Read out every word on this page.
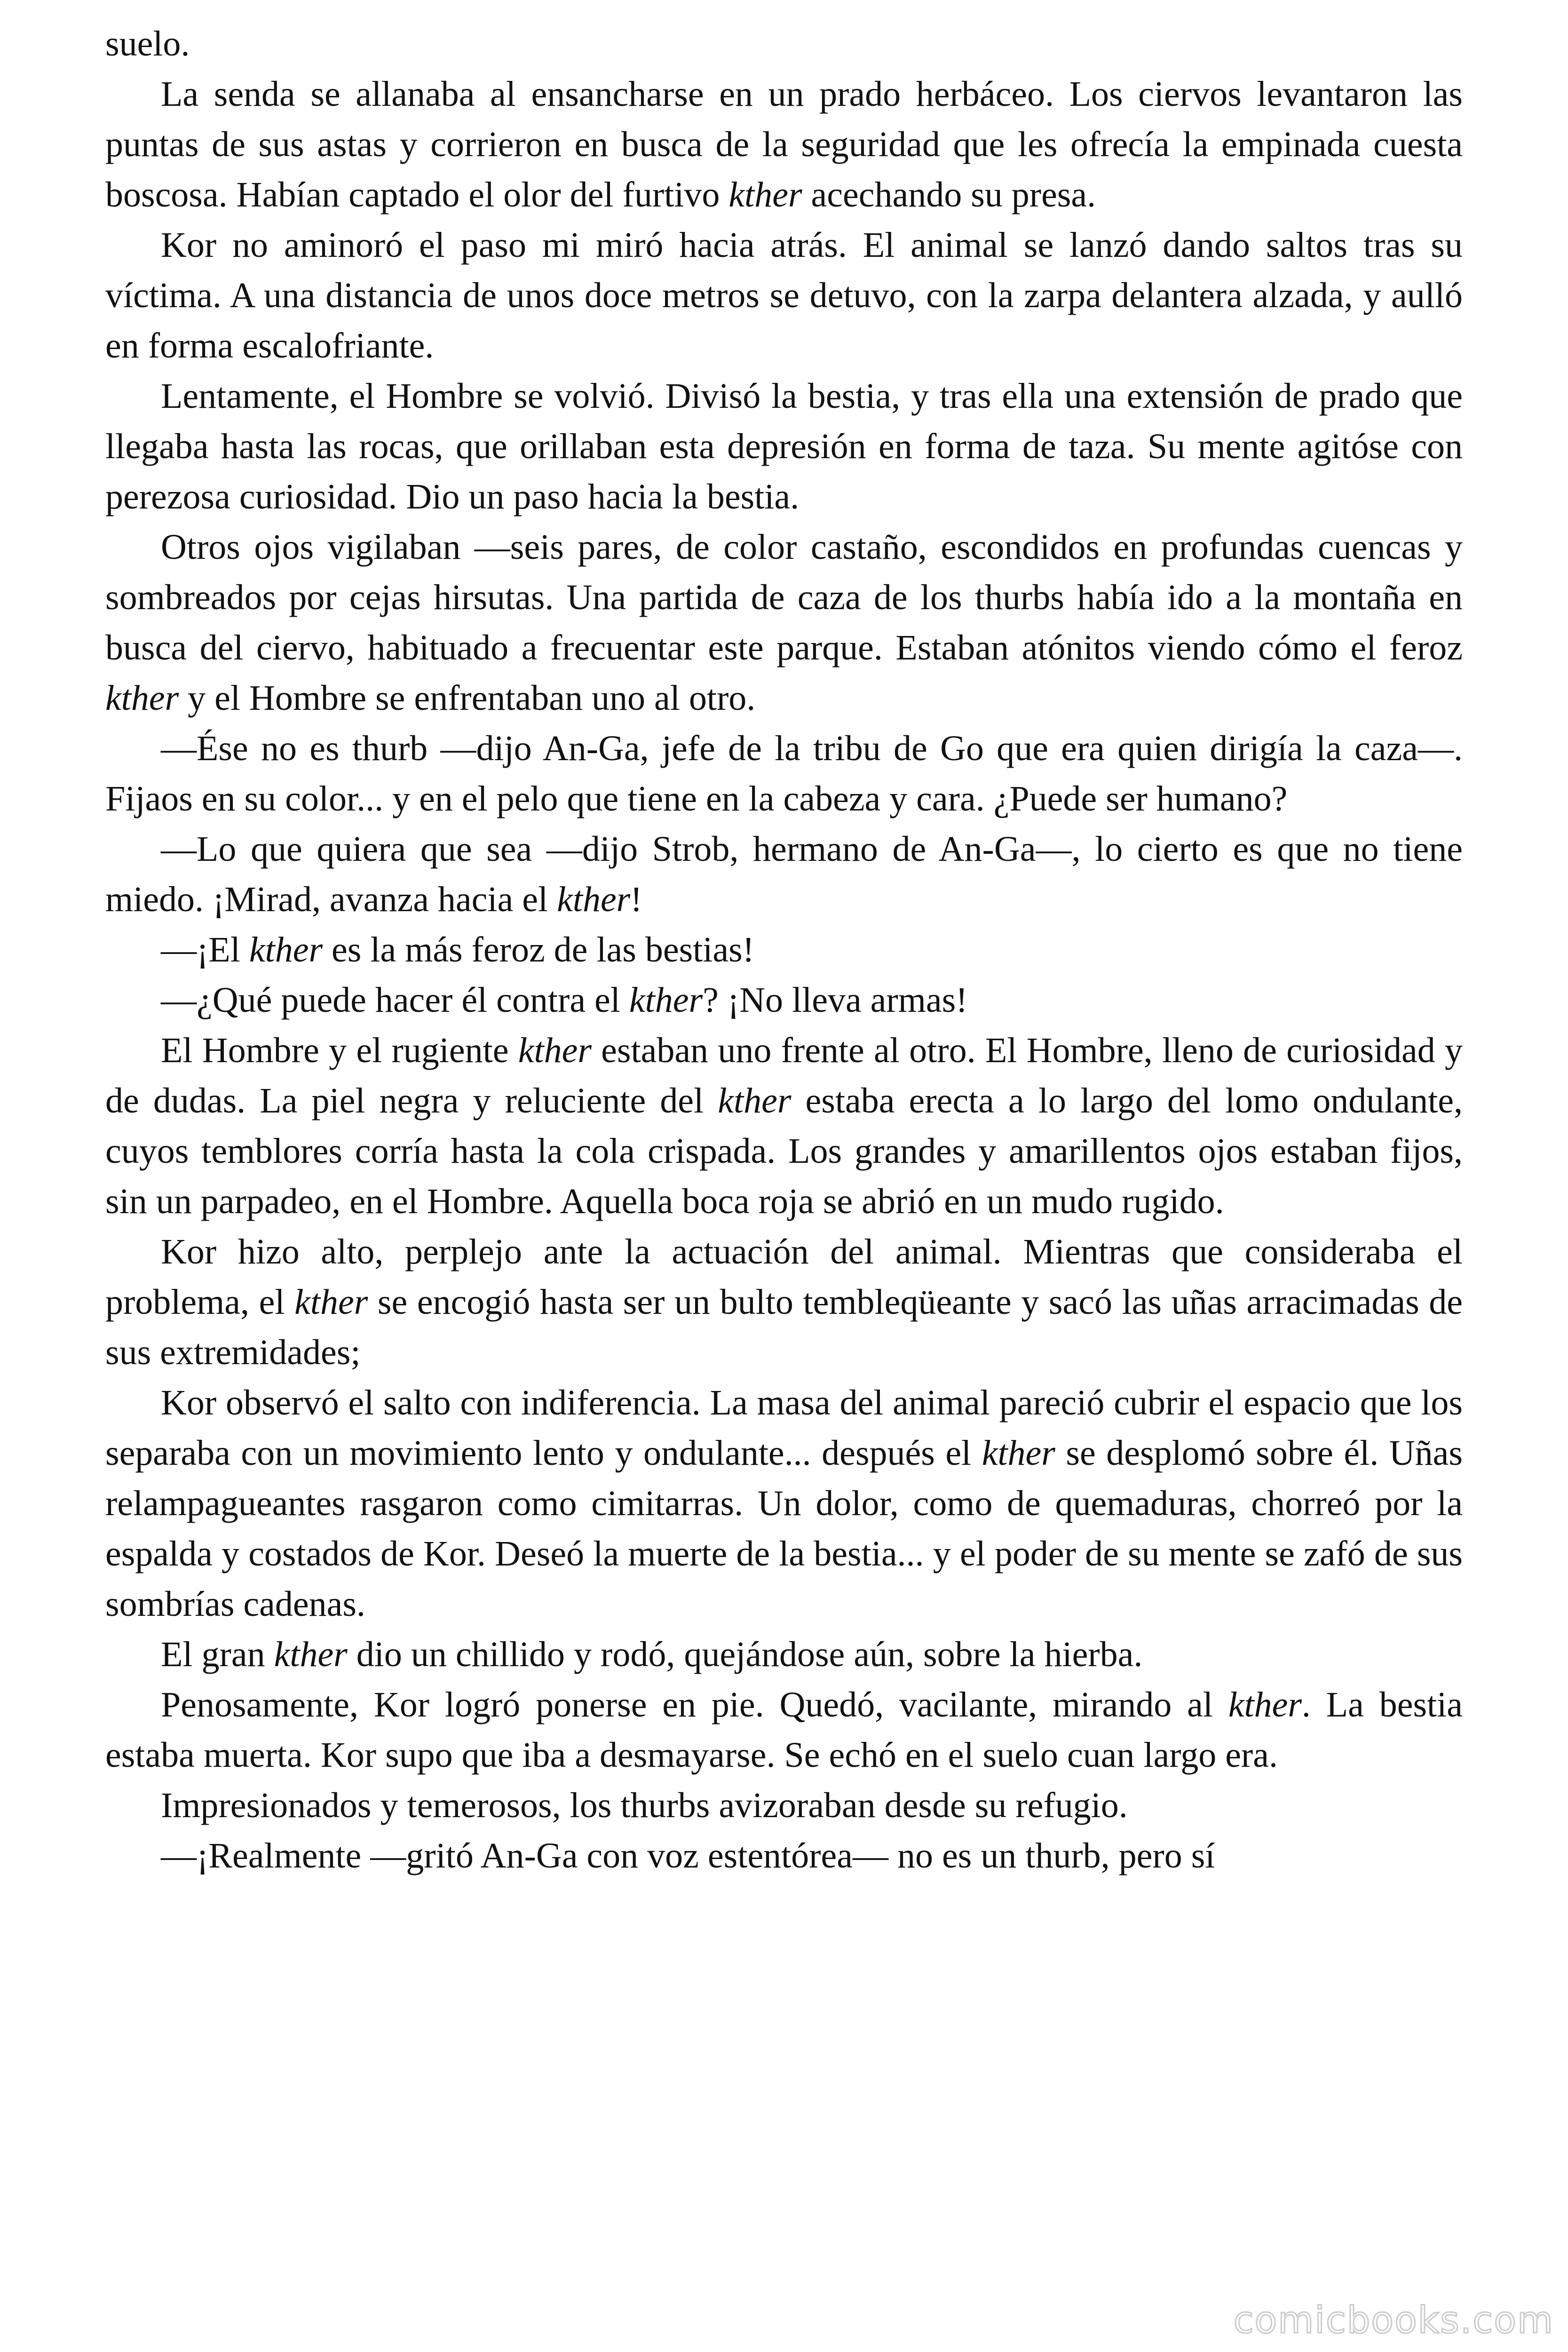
suelo.

La senda se allanaba al ensancharse en un prado herbáceo. Los ciervos levantaron las puntas de sus astas y corrieron en busca de la seguridad que les ofrecía la empinada cuesta boscosa. Habían captado el olor del furtivo kther acechando su presa.

Kor no aminoró el paso mi miró hacia atrás. El animal se lanzó dando saltos tras su víctima. A una distancia de unos doce metros se detuvo, con la zarpa delantera alzada, y aulló en forma escalofriante.

Lentamente, el Hombre se volvió. Divisó la bestia, y tras ella una extensión de prado que llegaba hasta las rocas, que orillaban esta depresión en forma de taza. Su mente agitóse con perezosa curiosidad. Dio un paso hacia la bestia.

Otros ojos vigilaban —seis pares, de color castaño, escondidos en profundas cuencas y sombreados por cejas hirsutas. Una partida de caza de los thurbs había ido a la montaña en busca del ciervo, habituado a frecuentar este parque. Estaban atónitos viendo cómo el feroz kther y el Hombre se enfrentaban uno al otro.

—Ése no es thurb —dijo An-Ga, jefe de la tribu de Go que era quien dirigía la caza—. Fijaos en su color... y en el pelo que tiene en la cabeza y cara. ¿Puede ser humano?

—Lo que quiera que sea —dijo Strob, hermano de An-Ga—, lo cierto es que no tiene miedo. ¡Mirad, avanza hacia el kther!

—¡El kther es la más feroz de las bestias!

—¿Qué puede hacer él contra el kther? ¡No lleva armas!

El Hombre y el rugiente kther estaban uno frente al otro. El Hombre, lleno de curiosidad y de dudas. La piel negra y reluciente del kther estaba erecta a lo largo del lomo ondulante, cuyos temblores corría hasta la cola crispada. Los grandes y amarillentos ojos estaban fijos, sin un parpadeo, en el Hombre. Aquella boca roja se abrió en un mudo rugido.

Kor hizo alto, perplejo ante la actuación del animal. Mientras que consideraba el problema, el kther se encogió hasta ser un bulto tembleqüeante y sacó las uñas arracimadas de sus extremidades;

Kor observó el salto con indiferencia. La masa del animal pareció cubrir el espacio que los separaba con un movimiento lento y ondulante... después el kther se desplomó sobre él. Uñas relampagueantes rasgaron como cimitarras. Un dolor, como de quemaduras, chorreó por la espalda y costados de Kor. Deseó la muerte de la bestia... y el poder de su mente se zafó de sus sombrías cadenas.

El gran kther dio un chillido y rodó, quejándose aún, sobre la hierba.

Penosamente, Kor logró ponerse en pie. Quedó, vacilante, mirando al kther. La bestia estaba muerta. Kor supo que iba a desmayarse. Se echó en el suelo cuan largo era.

Impresionados y temerosos, los thurbs avizoraban desde su refugio.

—¡Realmente —gritó An-Ga con voz estentórea— no es un thurb, pero sí

comicbooks.com
